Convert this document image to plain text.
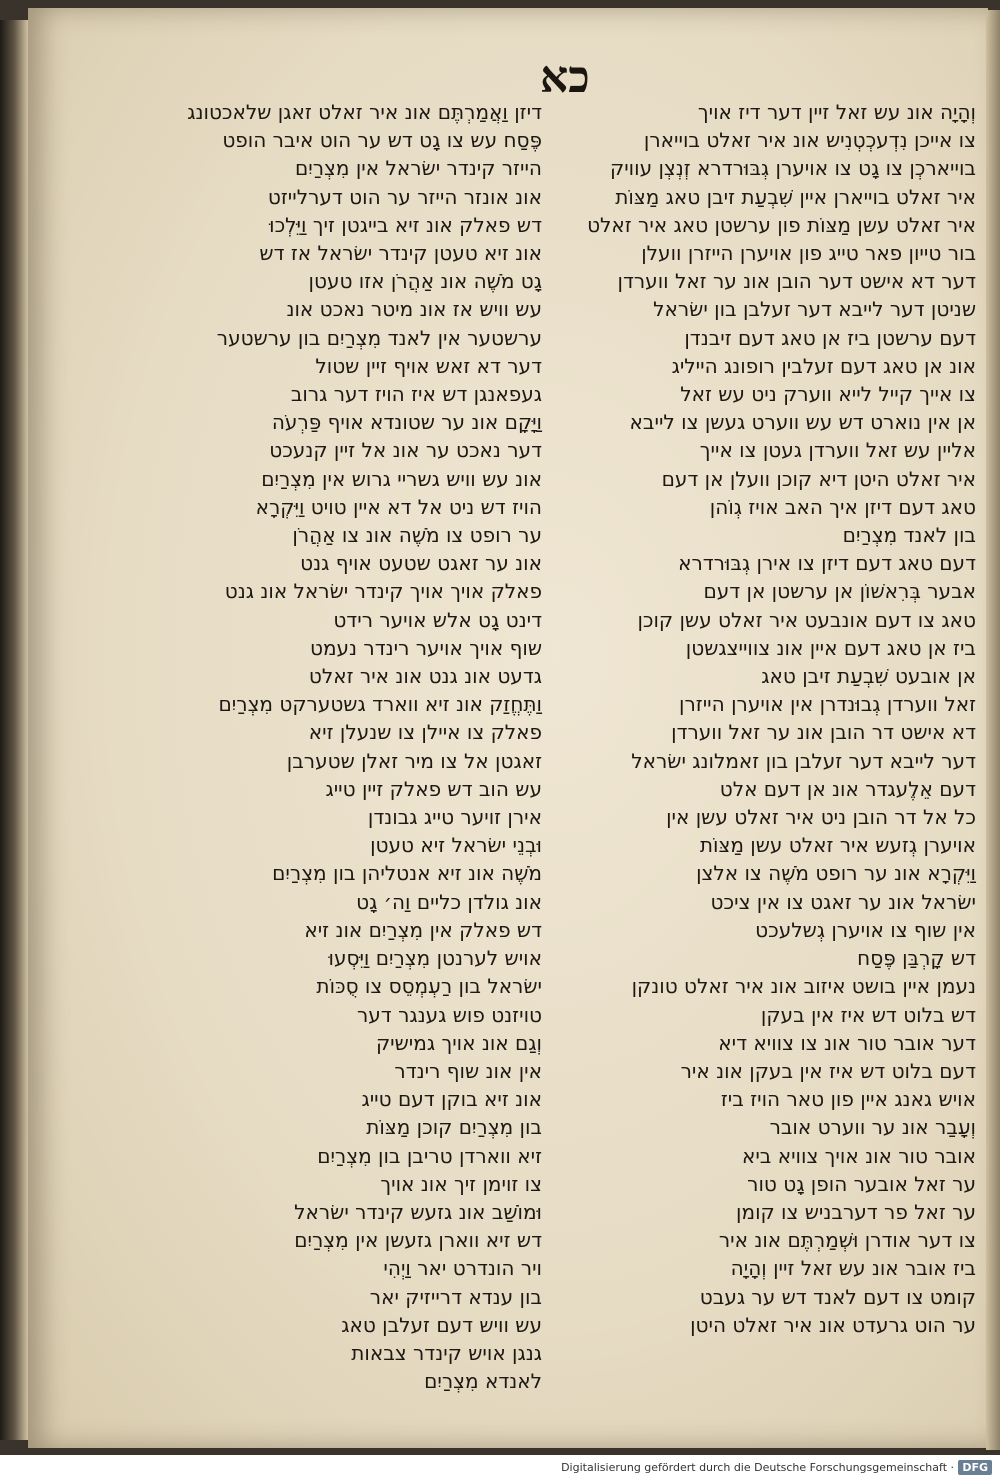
כא
וְהָיָה אונ עש זאל זיין דער דיז אויך
צו אייכן נִדְעכְטְנִיש אונ איר זאלט בוייארן
בוייארכְן צו גָט צו אויערן גְבּוּרדרא זְנְצְן עוויק
איר זאלט בוייארן איין שִׁבְעַת זיבן טאג מַצּוֹת
איר זאלט עשן מַצּוֹת פון ערשטן טאג איר זאלט
בור טייון פאר טייג פון אויערן הייזרן וועלן
דער דא אישט דער הובן אונ ער זאל ווערדן
שניטן דער לייבא דער זעלבן בון ישׂראל
דעם ערשטן ביז אן טאג דעם זיבנדן
אונ אן טאג דעם זעלבין רופונג הייליג
צו אייך קייל לייא ווערק ניט עש זאל
אן אין נוארט דש עש ווערט געשן צו לייבא
אליין עש זאל ווערדן געטן צו אייך
איר זאלט היטן דיא קוכן וועלן אן דעם
טאג דעם דיזן איך האב אויז גְוֹהן
בון לאנד מִצְרַיִם
דעם טאג דעם דיזן צו אירן גְבּוּרדרא
אבער בְּרִאשׁוֹן אן ערשטן אן דעם
טאג צו דעם אונבעט איר זאלט עשן קוכן
ביז אן טאג דעם איין אונ צווייצגשטן
אן אובעט שִׁבְעַת זיבן טאג
זאל ווערדן גְבוּנדרן אין אויערן הייזרן
דא אישט דר הובן אונ ער זאל ווערדן
דער לייבא דער זעלבן בון זאמלונג ישׂראל
דעם אֵלֶעגדר אונ אן דעם אלט
כל אל דר הובן ניט איר זאלט עשן אין
אויערן גְזעש איר זאלט עשן מַצּוֹת
וַיִּקְרָא אונ ער רופט מֹשֶׁה צו אלצן
ישׂראל אונ ער זאגט צו אין ציכט
אין שוף צו אויערן גְשלעכט
דש קָרְבַּן פֶּסַח
נעמן איין בושט איזוב אונ איר זאלט טונקן
דש בלוט דש איז אין בעקן
דער אובר טור אונ צו צוויא דיא
דעם בלוט דש איז אין בעקן אונ איר
אויש גאנג איין פון טאר הויז ביז
וְעָבַר אונ ער ווערט אובר
אובר טור אונ אויך צוויא ביא
ער זאל אובער הופן גָט טור
ער זאל פר דערבניש צו קומן
צו דער אודרן וּשְׁמַרְתֶּם אונ איר
ביז אובר אונ עש זאל זיין וְהָיָה
קומט צו דעם לאנד דש ער געבט
ער הוט גרעדט אונ איר זאלט היטן
דיזן וַאֲמַרְתֶּם אונ איר זאלט זאגן שלאכטונג
פֶּסַח עש צו גָט דש ער הוט איבר הופט
הייזר קינדר ישׂראל אין מִצְרַיִם
אונ אונזר הייזר ער הוט דערלייזט
דש פאלק אונ זיא בייגטן זיך וַיֵּלְכוּ
אונ זיא טעטן קינדר ישׂראל אז דש
גָט מֹשֶׁה אונ אַהֲרֹן אזו טעטן
עש וויש אז אונ מיטר נאכט אונ
ערשטער אין לאנד מִצְרַיִם בון ערשטער
דער דא זאש אויף זיין שטול
געפאנגן דש איז הויז דער גרוב
וַיָּקָם אונ ער שטונדא אויף פַּרְעֹה
דער נאכט ער אונ אל זיין קנעכט
אונ עש וויש גשריי גרוש אין מִצְרַיִם
הויז דש ניט אל דא איין טויט וַיִּקְרָא
ער רופט צו מֹשֶׁה אונ צו אַהֲרֹן
אונ ער זאגט שטעט אויף גנט
פאלק אויך אויך קינדר ישׂראל אונ גנט
דינט גָט אלש אויער רידט
שוף אויך אויער רינדר נעמט
גדעט אונ גנט אונ איר זאלט
וַתֶּחֱזַק אונ זיא ווארד גשטערקט מִצְרַיִם
פאלק צו איילן צו שנעלן זיא
זאגטן אל צו מיר זאלן שטערבן
עש הוב דש פאלק זיין טייג
אירן זויער טייג גבונדן
וּבְנֵי ישׂראל זיא טעטן
מֹשֶׁה אונ זיא אנטליהן בון מִצְרַיִם
אונ גולדן כליים וַה׳ גָט
דש פאלק אין מִצְרַיִם אונ זיא
אויש לערנטן מִצְרַיִם וַיִּסְעוּ
ישׂראל בון רַעְמְסֵס צו סֻכּוֹת
טויזנט פוש גענגר דער
וְגַם אונ אויך גמישיק
אין אונ שוף רינדר
אונ זיא בוקן דעם טייג
בון מִצְרַיִם קוכן מַצּוֹת
זיא ווארדן טריבן בון מִצְרַיִם
צו זוימן זיך אונ אויך
וּמוֹשַׁב אונ גזעש קינדר ישׂראל
דש זיא ווארן גזעשן אין מִצְרַיִם
ויר הונדרט יאר וַיְהִי
בון ענדא דרייזיק יאר
עש וויש דעם זעלבן טאג
גנגן אויש קינדר צבאות
לאנדא מִצְרַיִם
Digitalisierung gefördert durch die Deutsche Forschungsgemeinschaft · DFG
